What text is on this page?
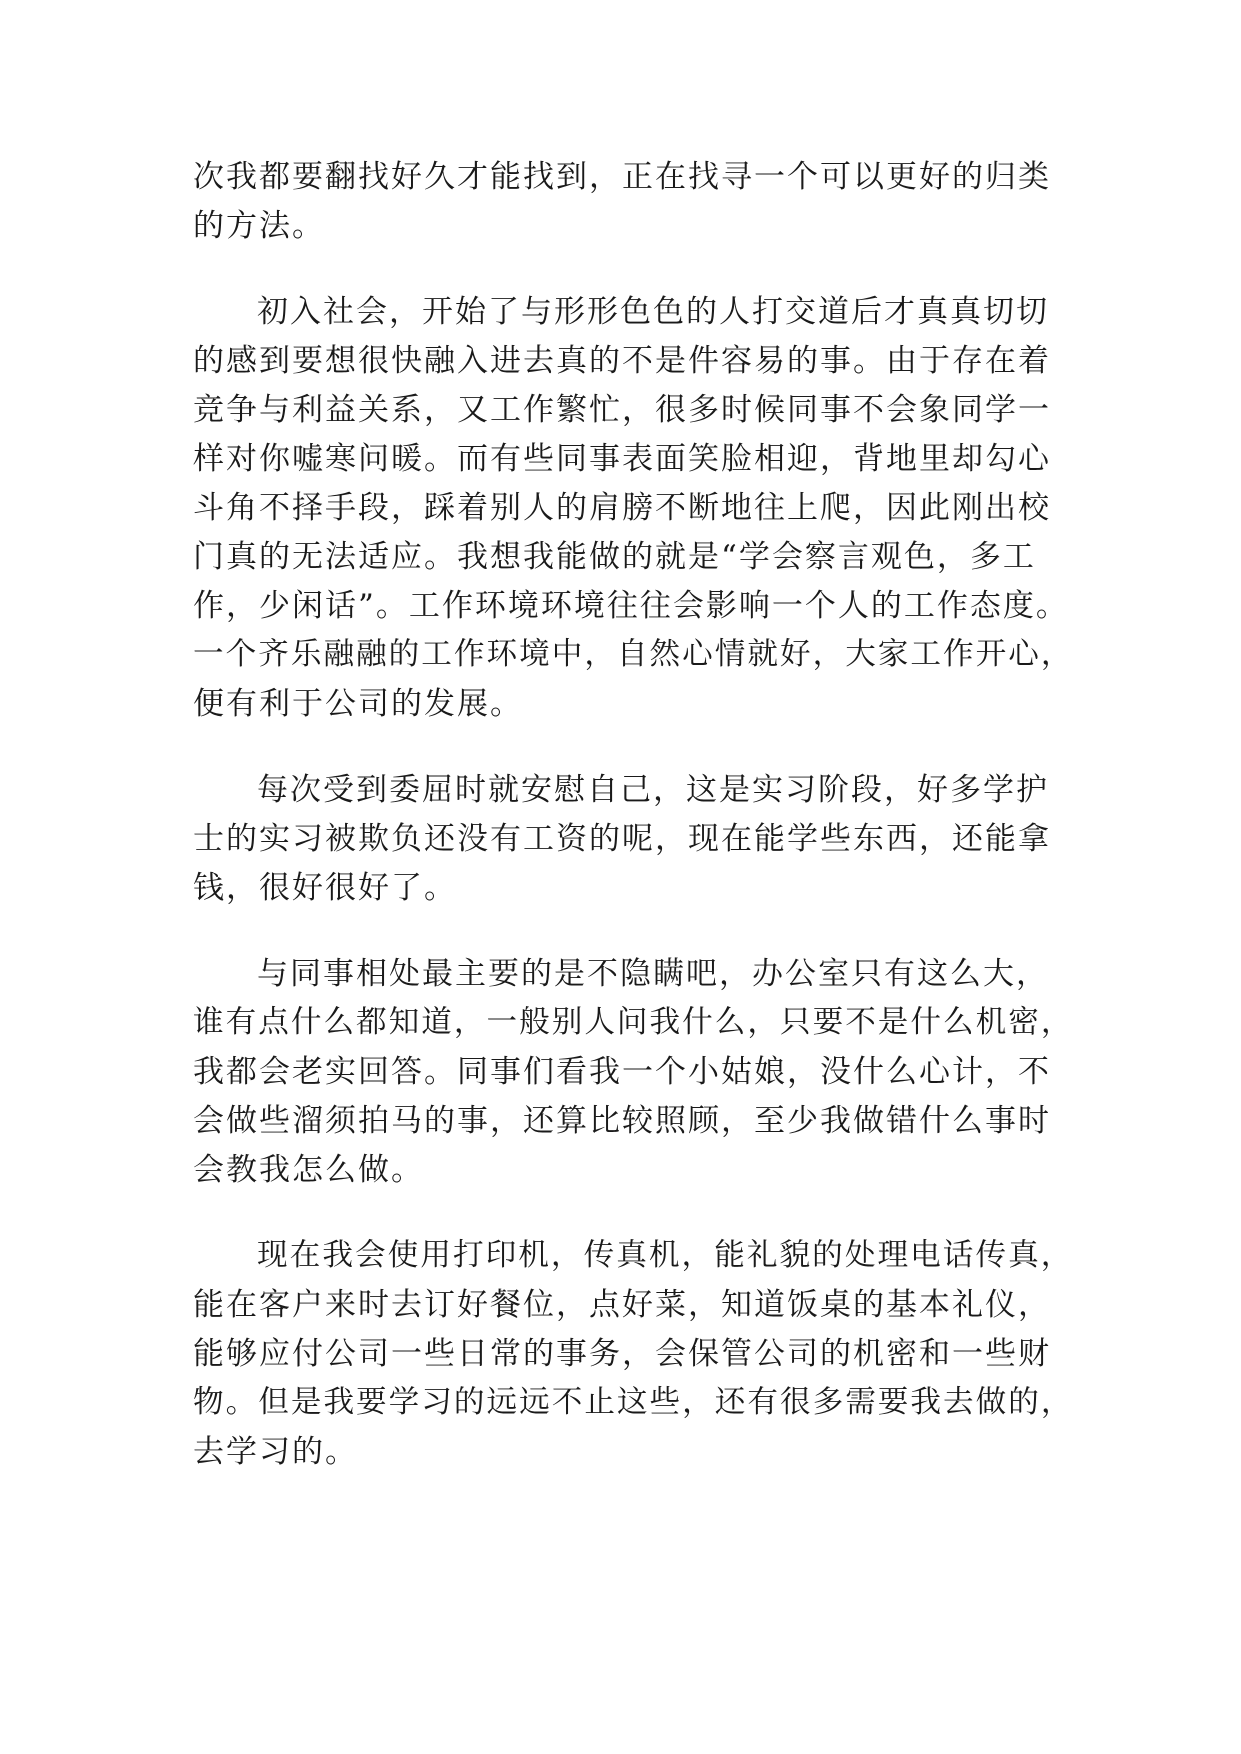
次我都要翻找好久才能找到，正在找寻一个可以更好的归类
的方法。
初入社会，开始了与形形色色的人打交道后才真真切切
的感到要想很快融入进去真的不是件容易的事。由于存在着
竞争与利益关系，又工作繁忙，很多时候同事不会象同学一
样对你嘘寒问暖。而有些同事表面笑脸相迎，背地里却勾心
斗角不择手段，踩着别人的肩膀不断地往上爬，因此刚出校
门真的无法适应。我想我能做的就是“学会察言观色，多工
作，少闲话”。工作环境环境往往会影响一个人的工作态度。
一个齐乐融融的工作环境中，自然心情就好，大家工作开心，
便有利于公司的发展。
每次受到委屈时就安慰自己，这是实习阶段，好多学护
士的实习被欺负还没有工资的呢，现在能学些东西，还能拿
钱，很好很好了。
与同事相处最主要的是不隐瞒吧，办公室只有这么大，
谁有点什么都知道，一般别人问我什么，只要不是什么机密，
我都会老实回答。同事们看我一个小姑娘，没什么心计，不
会做些溜须拍马的事，还算比较照顾，至少我做错什么事时
会教我怎么做。
现在我会使用打印机，传真机，能礼貌的处理电话传真，
能在客户来时去订好餐位，点好菜，知道饭桌的基本礼仪，
能够应付公司一些日常的事务，会保管公司的机密和一些财
物。但是我要学习的远远不止这些，还有很多需要我去做的，
去学习的。
